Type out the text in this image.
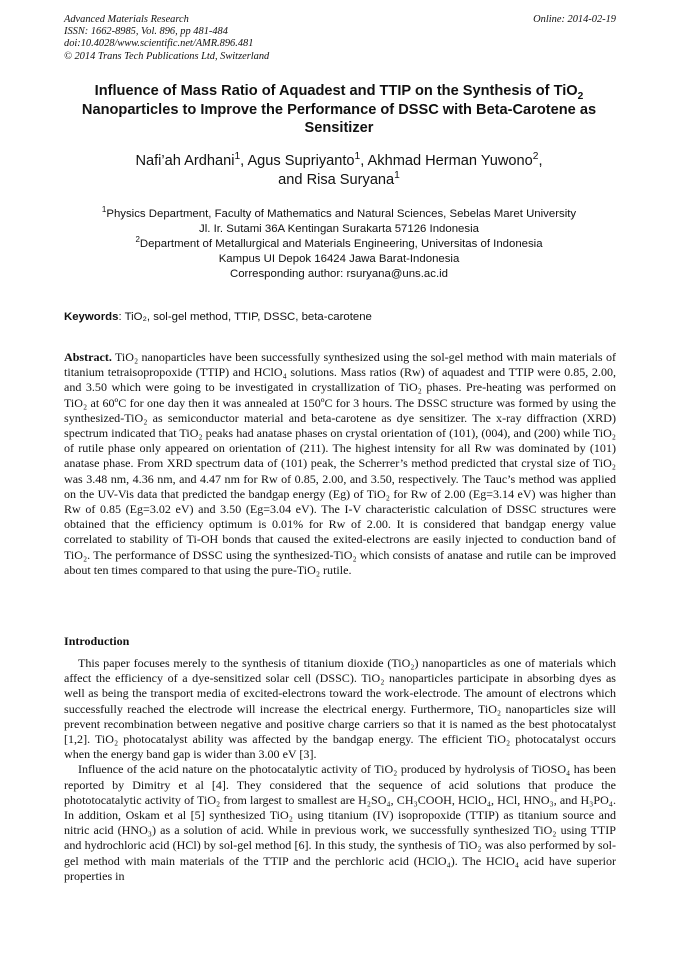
Advanced Materials Research
ISSN: 1662-8985, Vol. 896, pp 481-484
doi:10.4028/www.scientific.net/AMR.896.481
© 2014 Trans Tech Publications Ltd, Switzerland
Online: 2014-02-19
Influence of Mass Ratio of Aquadest and TTIP on the Synthesis of TiO$_2$
Nanoparticles to Improve the Performance of DSSC with Beta-Carotene as Sensitizer
Nafi’ah Ardhani$^1$, Agus Supriyanto$^1$, Akhmad Herman Yuwono$^2$,
and Risa Suryana$^1$
$^1$Physics Department, Faculty of Mathematics and Natural Sciences, Sebelas Maret University
Jl. Ir. Sutami 36A Kentingan Surakarta 57126 Indonesia
$^2$Department of Metallurgical and Materials Engineering, Universitas of Indonesia
Kampus UI Depok 16424 Jawa Barat-Indonesia
Corresponding author: rsuryana@uns.ac.id
Keywords: TiO₂, sol-gel method, TTIP, DSSC, beta-carotene

Abstract. TiO₂ nanoparticles have been successfully synthesized using the sol-gel method with main materials of titanium tetraisopropoxide (TTIP) and HClO₄ solutions. Mass ratios (Rw) of aquadest and TTIP were 0.85, 2.00, and 3.50 which were going to be investigated in crystallization of TiO₂ phases. Pre-heating was performed on TiO₂ at 60ºC for one day then it was annealed at 150ºC for 3 hours. The DSSC structure was formed by using the synthesized-TiO₂ as semiconductor material and beta-carotene as dye sensitizer. The x-ray diffraction (XRD) spectrum indicated that TiO₂ peaks had anatase phases on crystal orientation of (101), (004), and (200) while TiO₂ of rutile phase only appeared on orientation of (211). The highest intensity for all Rw was dominated by (101) anatase phase. From XRD spectrum data of (101) peak, the Scherrer’s method predicted that crystal size of TiO₂ was 3.48 nm, 4.36 nm, and 4.47 nm for Rw of 0.85, 2.00, and 3.50, respectively. The Tauc’s method was applied on the UV-Vis data that predicted the bandgap energy (Eg) of TiO₂ for Rw of 2.00 (Eg=3.14 eV) was higher than Rw of 0.85 (Eg=3.02 eV) and 3.50 (Eg=3.04 eV). The I-V characteristic calculation of DSSC structures were obtained that the efficiency optimum is 0.01% for Rw of 2.00. It is considered that bandgap energy value correlated to stability of Ti-OH bonds that caused the exited-electrons are easily injected to conduction band of TiO₂. The performance of DSSC using the synthesized-TiO₂ which consists of anatase and rutile can be improved about ten times compared to that using the pure-TiO₂ rutile.

Introduction

This paper focuses merely to the synthesis of titanium dioxide (TiO₂) nanoparticles as one of materials which affect the efficiency of a dye-sensitized solar cell (DSSC). TiO₂ nanoparticles participate in absorbing dyes as well as being the transport media of excited-electrons toward the work-electrode. The amount of electrons which successfully reached the electrode will increase the electrical energy. Furthermore, TiO₂ nanoparticles size will prevent recombination between negative and positive charge carriers so that it is named as the best photocatalyst [1,2]. TiO₂ photocatalyst ability was affected by the bandgap energy. The efficient TiO₂ photocatalyst occurs when the energy band gap is wider than 3.00 eV [3].

Influence of the acid nature on the photocatalytic activity of TiO₂ produced by hydrolysis of TiOSO₄ has been reported by Dimitry et al [4]. They considered that the sequence of acid solutions that produce the phototocatalytic activity of TiO₂ from largest to smallest are H₂SO₄, CH₃COOH, HClO₄, HCl, HNO₃, and H₃PO₄. In addition, Oskam et al [5] synthesized TiO₂ using titanium (IV) isopropoxide (TTIP) as titanium source and nitric acid (HNO₃) as a solution of acid. While in previous work, we successfully synthesized TiO₂ using TTIP and hydrochloric acid (HCl) by sol-gel method [6]. In this study, the synthesis of TiO₂ was also performed by sol-gel method with main materials of the TTIP and the perchloric acid (HClO₄). The HClO₄ acid have superior properties in
